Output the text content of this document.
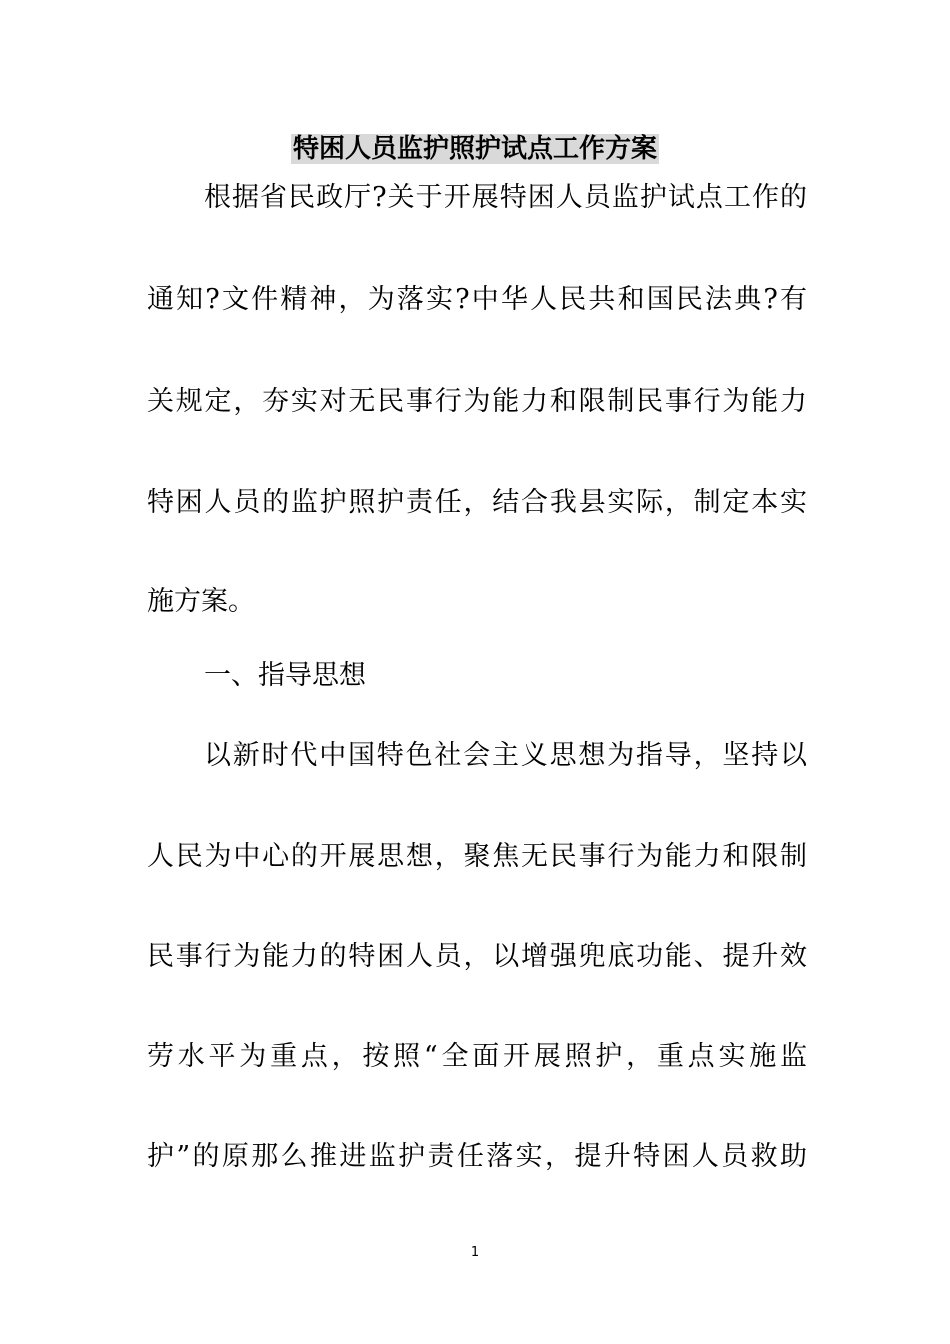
特困人员监护照护试点工作方案

根据省民政厅?关于开展特困人员监护试点工作的

通知?文件精神，为落实?中华人民共和国民法典?有

关规定，夯实对无民事行为能力和限制民事行为能力

特困人员的监护照护责任，结合我县实际，制定本实

施方案。

一、指导思想

以新时代中国特色社会主义思想为指导，坚持以

人民为中心的开展思想，聚焦无民事行为能力和限制

民事行为能力的特困人员，以增强兜底功能、提升效

劳水平为重点，按照“全面开展照护，重点实施监

护”的原那么推进监护责任落实，提升特困人员救助

1
